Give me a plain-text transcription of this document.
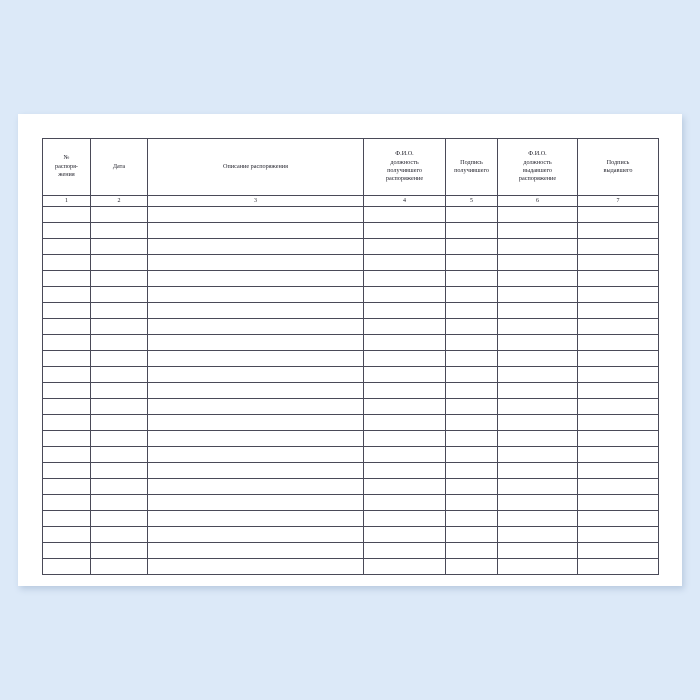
№
распоря-
жения	Дата	Описание распоряжения	Ф.И.О.
должность
получившего
распоряжение	Подпись
получившего	Ф.И.О.
должность
выдавшего
распоряжение	Подпись
выдавшего

1	2	3	4	5	6	7
